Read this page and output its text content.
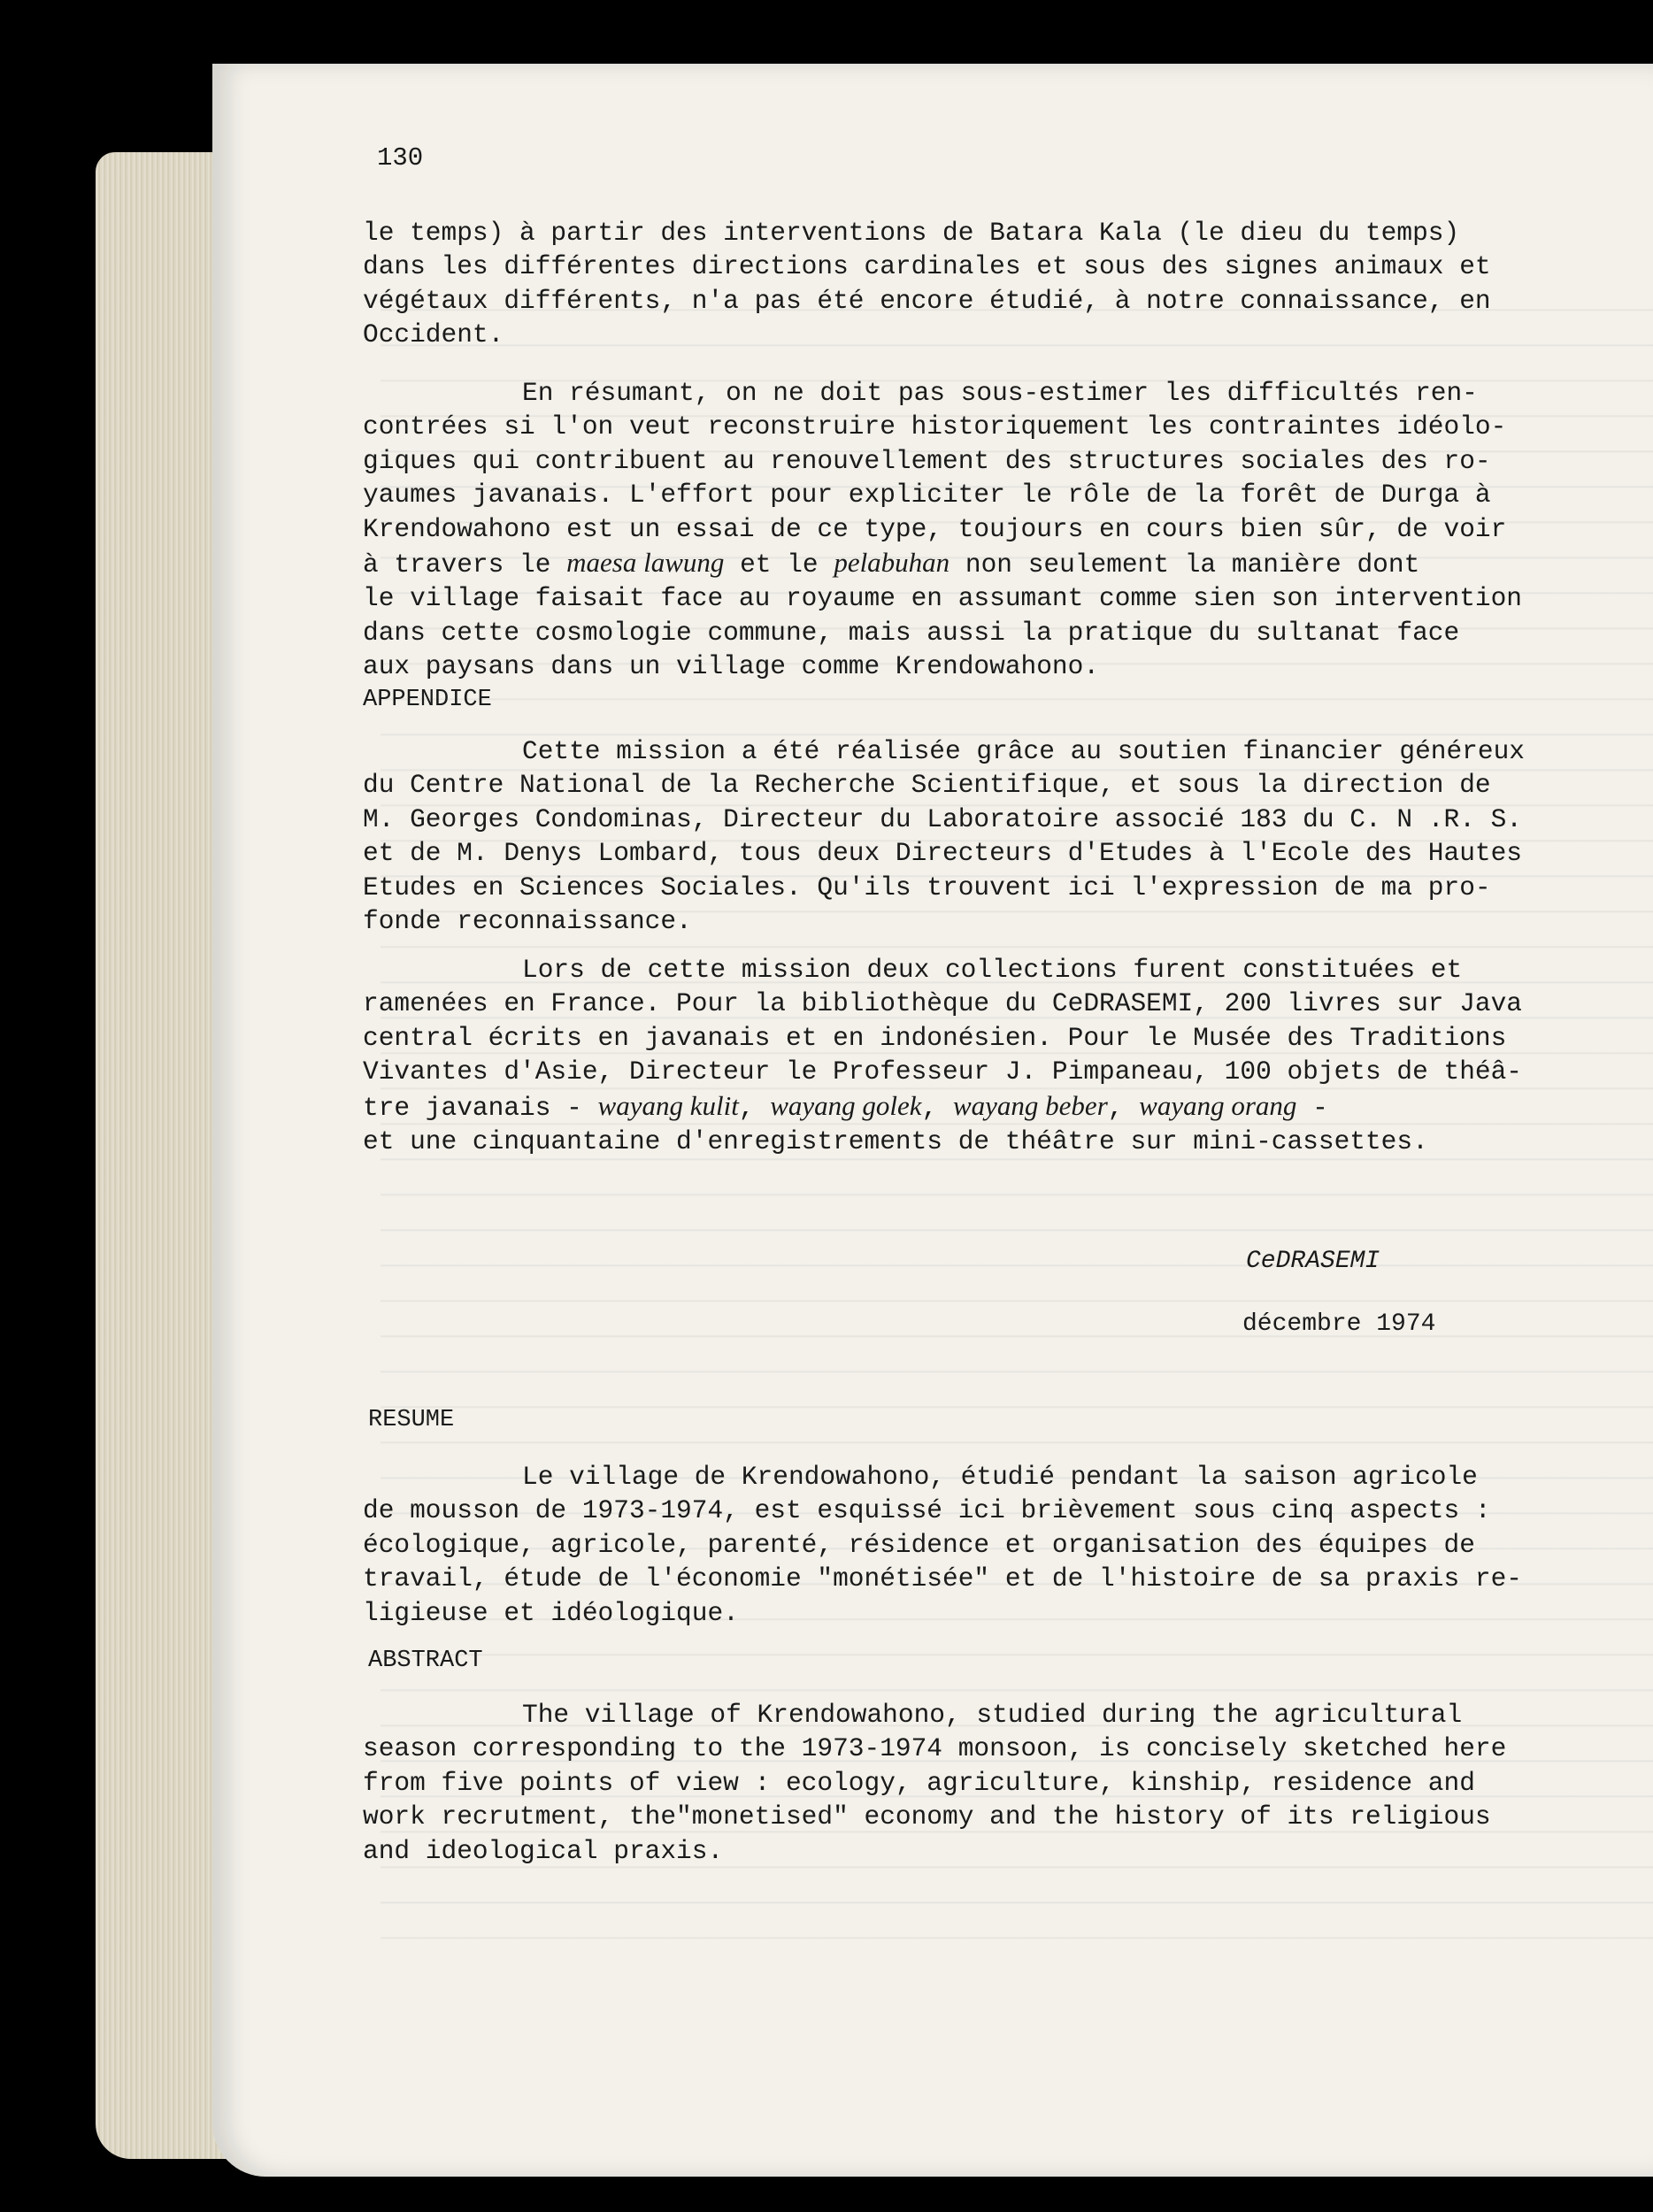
130
le temps) à partir des interventions de Batara Kala (le dieu du temps)
dans les différentes directions cardinales et sous des signes animaux et
végétaux différents, n'a pas été encore étudié, à notre connaissance, en
Occident.
En résumant, on ne doit pas sous-estimer les difficultés ren-
contrées si l'on veut reconstruire historiquement les contraintes idéolo-
giques qui contribuent au renouvellement des structures sociales des ro-
yaumes javanais. L'effort pour expliciter le rôle de la forêt de Durga à
Krendowahono est un essai de ce type, toujours en cours bien sûr, de voir
à travers le maesa lawung et le pelabuhan non seulement la manière dont
le village faisait face au royaume en assumant comme sien son intervention
dans cette cosmologie commune, mais aussi la pratique du sultanat face
aux paysans dans un village comme Krendowahono.
APPENDICE
Cette mission a été réalisée grâce au soutien financier généreux
du Centre National de la Recherche Scientifique, et sous la direction de
M. Georges Condominas, Directeur du Laboratoire associé 183 du C. N .R. S.
et de M. Denys Lombard, tous deux Directeurs d'Etudes à l'Ecole des Hautes
Etudes en Sciences Sociales. Qu'ils trouvent ici l'expression de ma pro-
fonde reconnaissance.
Lors de cette mission deux collections furent constituées et
ramenées en France. Pour la bibliothèque du CeDRASEMI, 200 livres sur Java
central écrits en javanais et en indonésien. Pour le Musée des Traditions
Vivantes d'Asie, Directeur le Professeur J. Pimpaneau, 100 objets de théâ-
tre javanais - wayang kulit, wayang golek, wayang beber, wayang orang -
et une cinquantaine d'enregistrements de théâtre sur mini-cassettes.
CeDRASEMI
décembre 1974
RESUME
Le village de Krendowahono, étudié pendant la saison agricole
de mousson de 1973-1974, est esquissé ici brièvement sous cinq aspects :
écologique, agricole, parenté, résidence et organisation des équipes de
travail, étude de l'économie "monétisée" et de l'histoire de sa praxis re-
ligieuse et idéologique.
ABSTRACT
The village of Krendowahono, studied during the agricultural
season corresponding to the 1973-1974 monsoon, is concisely sketched here
from five points of view : ecology, agriculture, kinship, residence and
work recrutment, the"monetised" economy and the history of its religious
and ideological praxis.
